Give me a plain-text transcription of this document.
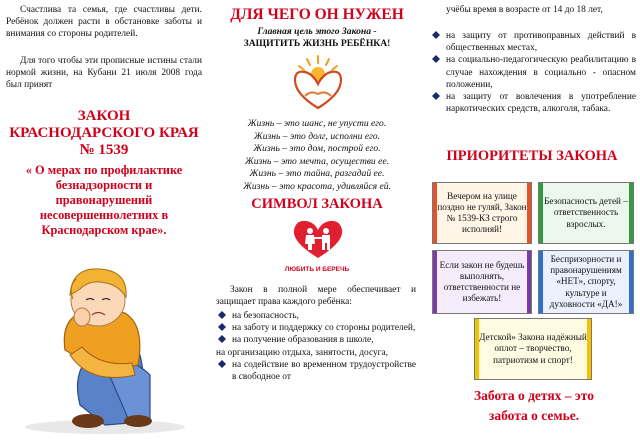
Счастлива та семья, где счастливы дети. Ребёнок должен расти в обстановке заботы и внимания со стороны родителей.

Для того чтобы эти прописные истины стали нормой жизни, на Кубани 21 июля 2008 года был принят

ЗАКОН КРАСНОДАРСКОГО КРАЯ № 1539
« О мерах по профилактике безнадзорности и правонарушений несовершеннолетних в Краснодарском крае».
ДЛЯ ЧЕГО ОН НУЖЕН
Главная цель этого Закона -
ЗАЩИТИТЬ ЖИЗНЬ РЕБЁНКА!

Жизнь – это шанс, не упусти его.

Жизнь – это долг, исполни его.

Жизнь – это дом, построй его.

Жизнь – это мечта, осуществи ее.

Жизнь – это тайна, разгадай ее.

Жизнь – это красота, удивляйся ей.

СИМВОЛ ЗАКОНА
ЛЮБИТЬ И БЕРЕЧЬ

Закон в полной мере обеспечивает и защищает права каждого ребёнка:

на безопасность,
на заботу и поддержку со стороны родителей,
на получение образования в школе,
на организацию отдыха, занятости, досуга,
на содействие во временном трудоустройстве в свободное от

учёбы время в возрасте от 14 до 18 лет,

на защиту от противоправных действий в общественных местах,
на социально-педагогическую реабилитацию в случае нахождения в социально - опасном положении,
на защиту от вовлечения в употребление наркотических средств, алкоголя, табака.
ПРИОРИТЕТЫ ЗАКОНА
Вечером на улице поздно не гуляй, Закон № 1539-КЗ строго исполняй!
Безопасность детей – ответственность взрослых.
Если закон не будешь выполнять, ответственности не избежать!
Беспризорности и правонарушениям «НЕТ», спорту, культуре и духовности «ДА!»
Детской» Закона надёжный оплот – творчество, патриотизм и спорт!
Забота о детях – это
забота о семье.
